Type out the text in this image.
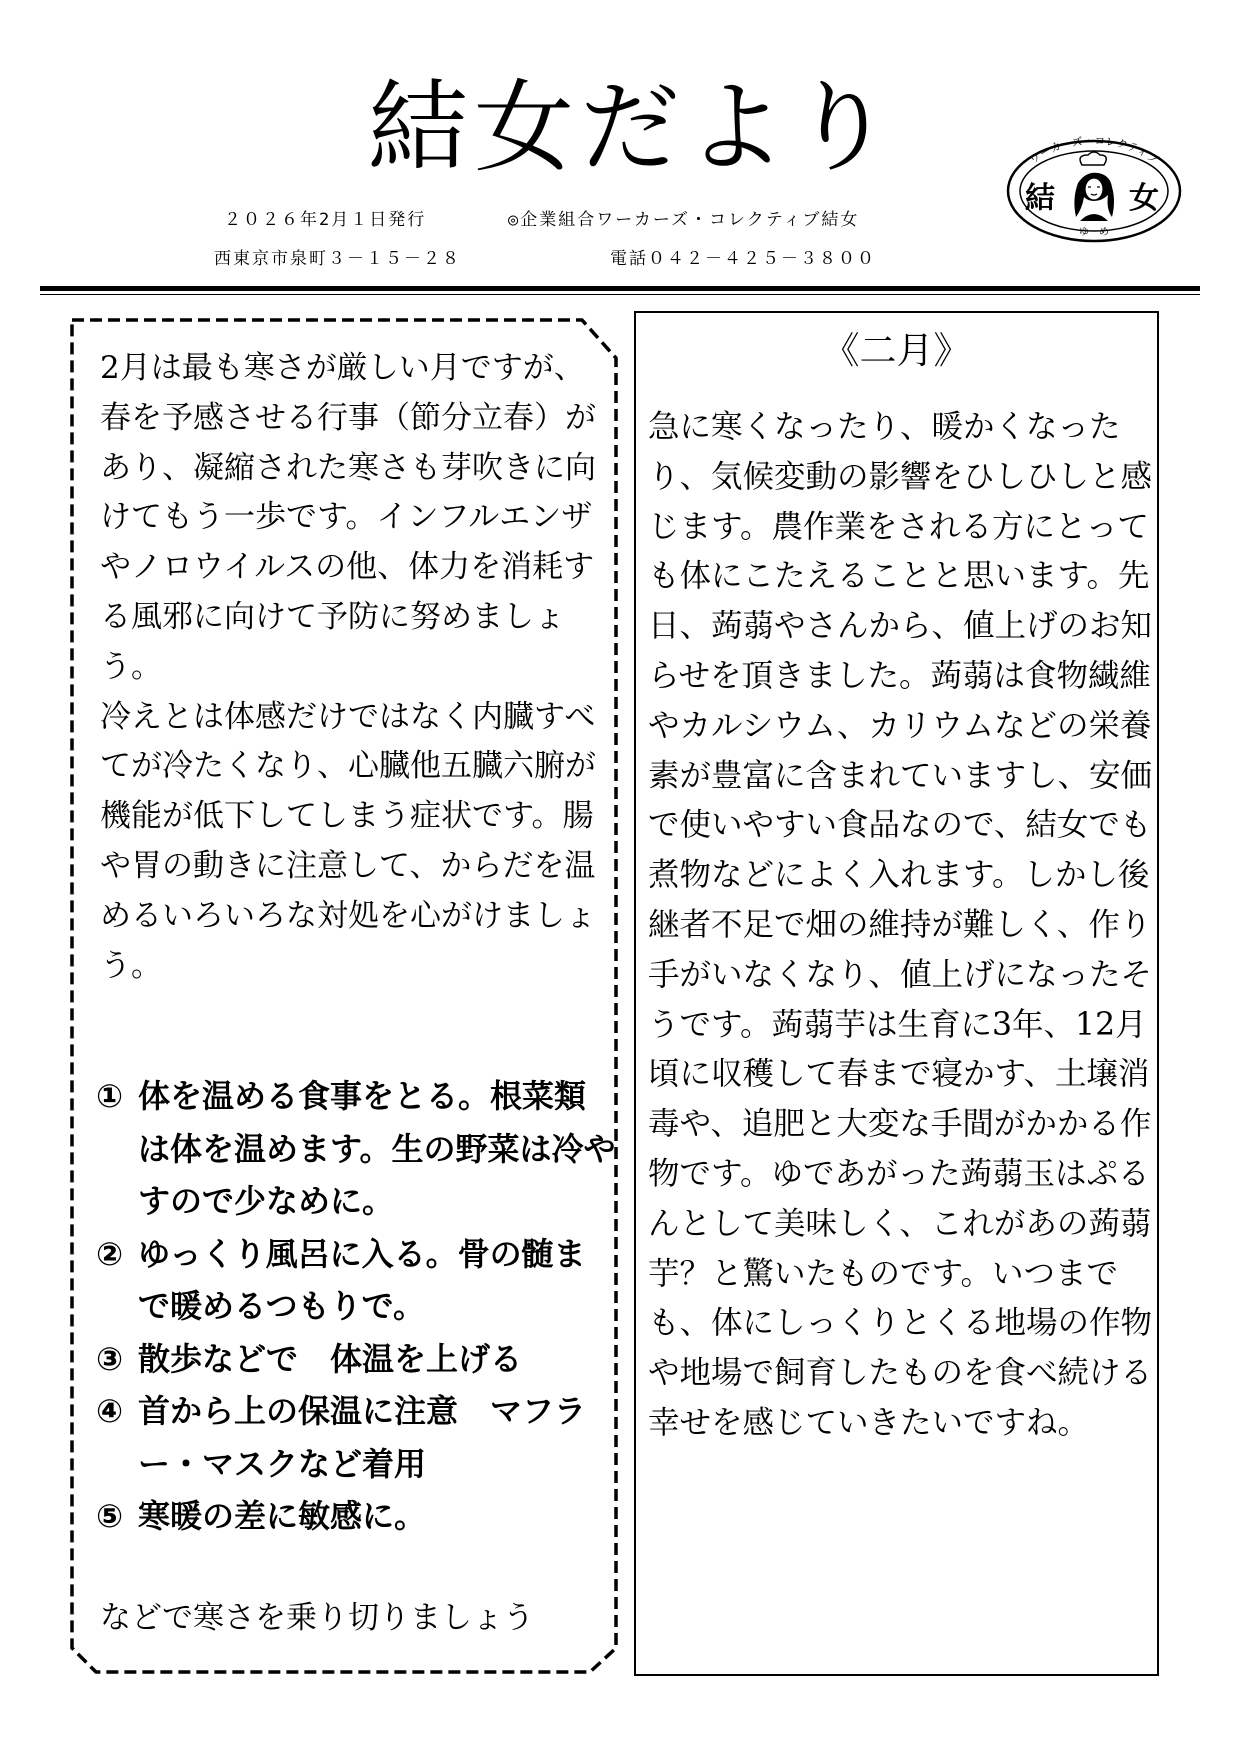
結女だより
２０２６年2月１日発行	◎企業組合ワーカーズ・コレクティブ結女
西東京市泉町３－１５－２８	電話０４２－４２５－３８００
ワーカーズ・コレクティブ
結 女
ゆ　め

2月は最も寒さが厳しい月ですが、春を予感させる行事（節分立春）があり、凝縮された寒さも芽吹きに向けてもう一歩です。インフルエンザやノロウイルスの他、体力を消耗する風邪に向けて予防に努めましょう。

冷えとは体感だけではなく内臓すべてが冷たくなり、心臓他五臓六腑が機能が低下してしまう症状です。腸や胃の動きに注意して、からだを温めるいろいろな対処を心がけましょう。

① 体を温める食事をとる。根菜類は体を温めます。生の野菜は冷やすので少なめに。
② ゆっくり風呂に入る。骨の髄まで暖めるつもりで。
③ 散歩などで　体温を上げる
④ 首から上の保温に注意　マフラー・マスクなど着用
⑤ 寒暖の差に敏感に。
などで寒さを乗り切りましょう
《二月》

急に寒くなったり、暖かくなったり、気候変動の影響をひしひしと感じます。農作業をされる方にとっても体にこたえることと思います。先日、蒟蒻やさんから、値上げのお知らせを頂きました。蒟蒻は食物繊維やカルシウム、カリウムなどの栄養素が豊富に含まれていますし、安価で使いやすい食品なので、結女でも煮物などによく入れます。しかし後継者不足で畑の維持が難しく、作り手がいなくなり、値上げになったそうです。蒟蒻芋は生育に3年、12月頃に収穫して春まで寝かす、土壌消毒や、追肥と大変な手間がかかる作物です。ゆであがった蒟蒻玉はぷるんとして美味しく、これがあの蒟蒻芋？と驚いたものです。いつまでも、体にしっくりとくる地場の作物や地場で飼育したものを食べ続ける幸せを感じていきたいですね。
